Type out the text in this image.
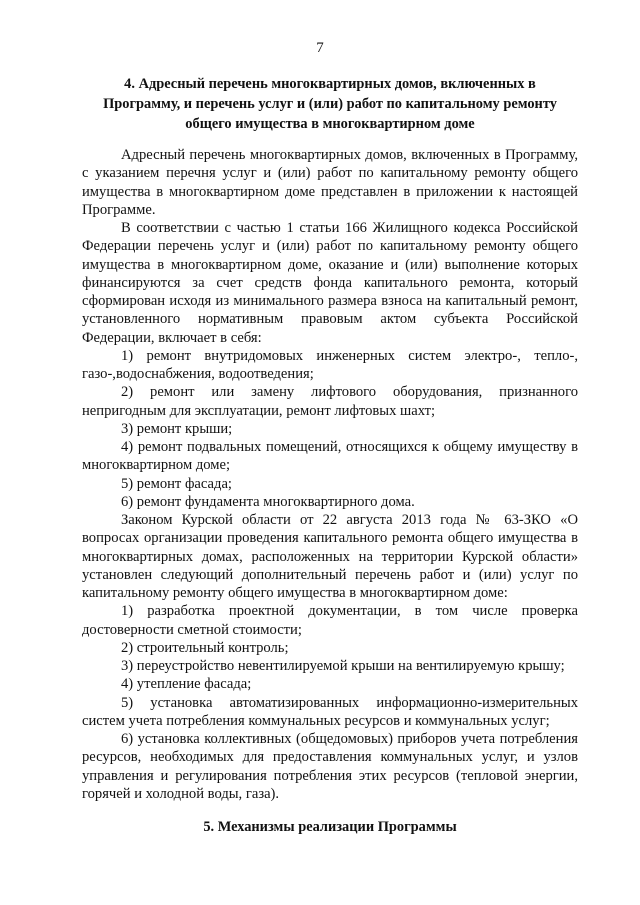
7
4. Адресный перечень многоквартирных домов, включенных в Программу, и перечень услуг и (или) работ по капитальному ремонту общего имущества в многоквартирном доме

Адресный перечень многоквартирных домов, включенных в Программу, с указанием перечня услуг и (или) работ по капитальному ремонту общего имущества в многоквартирном доме представлен в приложении к настоящей Программе.

В соответствии с частью 1 статьи 166 Жилищного кодекса Российской Федерации перечень услуг и (или) работ по капитальному ремонту общего имущества в многоквартирном доме, оказание и (или) выполнение которых финансируются за счет средств фонда капитального ремонта, который сформирован исходя из минимального размера взноса на капитальный ремонт, установленного нормативным правовым актом субъекта Российской Федерации, включает в себя:

1) ремонт внутридомовых инженерных систем электро-, тепло-, газо-,водоснабжения, водоотведения;

2) ремонт или замену лифтового оборудования, признанного непригодным для эксплуатации, ремонт лифтовых шахт;

3) ремонт крыши;

4) ремонт подвальных помещений, относящихся к общему имуществу в многоквартирном доме;

5) ремонт фасада;

6) ремонт фундамента многоквартирного дома.

Законом Курской области от 22 августа 2013 года № 63-ЗКО «О вопросах организации проведения капитального ремонта общего имущества в многоквартирных домах, расположенных на территории Курской области» установлен следующий дополнительный перечень работ и (или) услуг по капитальному ремонту общего имущества в многоквартирном доме:

1) разработка проектной документации, в том числе проверка достоверности сметной стоимости;

2) строительный контроль;

3) переустройство невентилируемой крыши на вентилируемую крышу;

4) утепление фасада;

5) установка автоматизированных информационно-измерительных систем учета потребления коммунальных ресурсов и коммунальных услуг;

6) установка коллективных (общедомовых) приборов учета потребления ресурсов, необходимых для предоставления коммунальных услуг, и узлов управления и регулирования потребления этих ресурсов (тепловой энергии, горячей и холодной воды, газа).

5. Механизмы реализации Программы
